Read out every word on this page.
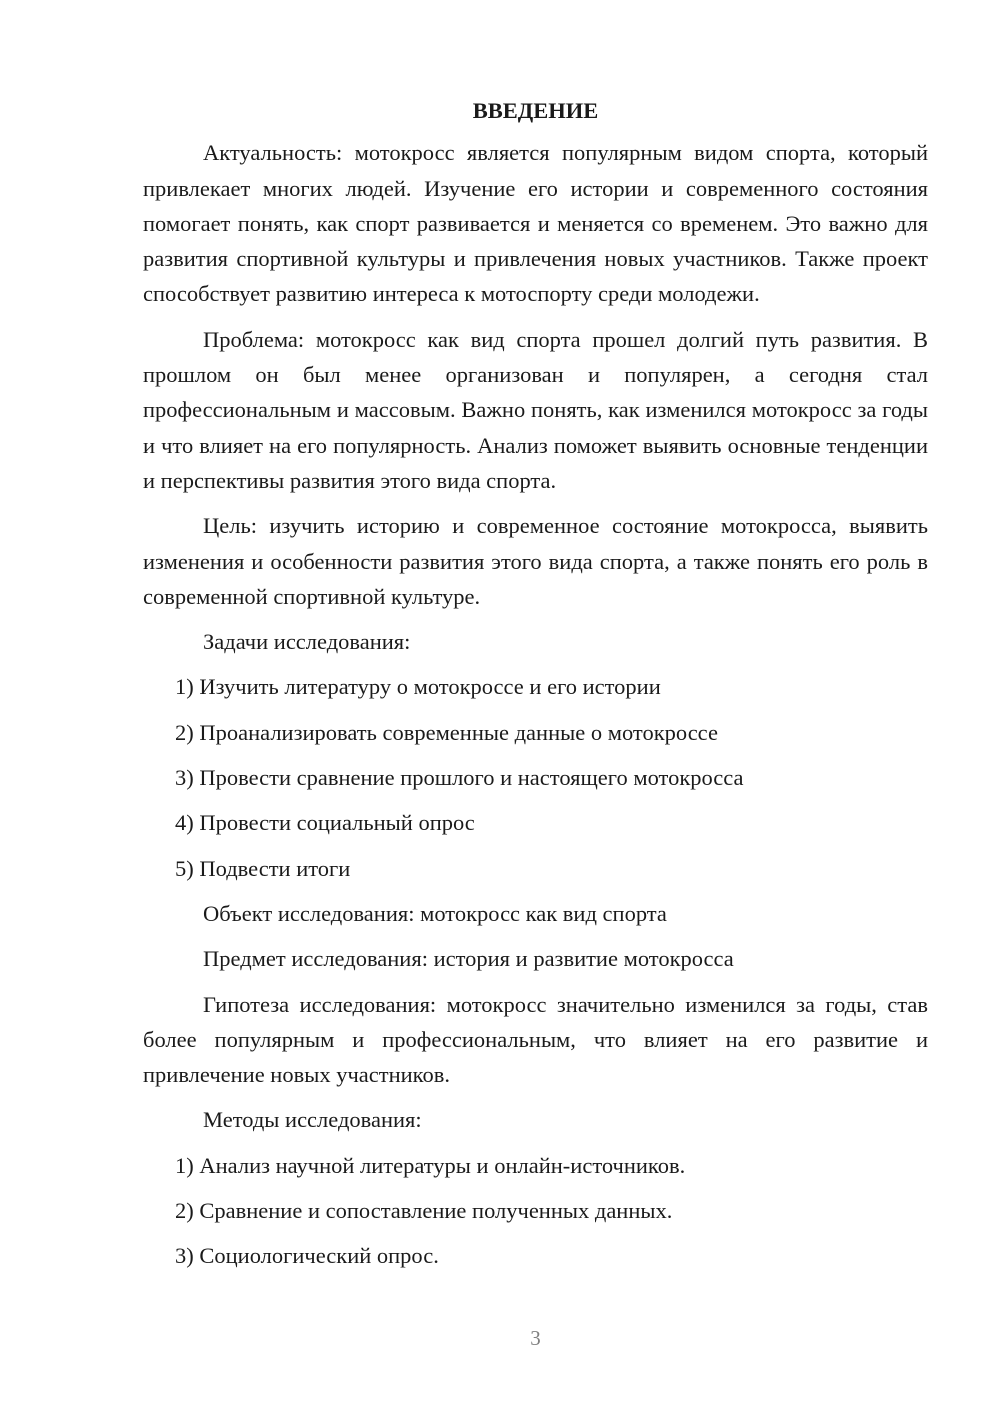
ВВЕДЕНИЕ

Актуальность: мотокросс является популярным видом спорта, который привлекает многих людей. Изучение его истории и современного состояния помогает понять, как спорт развивается и меняется со временем. Это важно для развития спортивной культуры и привлечения новых участников. Также проект способствует развитию интереса к мотоспорту среди молодежи.

Проблема: мотокросс как вид спорта прошел долгий путь развития. В прошлом он был менее организован и популярен, а сегодня стал профессиональным и массовым. Важно понять, как изменился мотокросс за годы и что влияет на его популярность. Анализ поможет выявить основные тенденции и перспективы развития этого вида спорта.

Цель: изучить историю и современное состояние мотокросса, выявить изменения и особенности развития этого вида спорта, а также понять его роль в современной спортивной культуре.

Задачи исследования:

1) Изучить литературу о мотокроссе и его истории

2) Проанализировать современные данные о мотокроссе

3) Провести сравнение прошлого и настоящего мотокросса

4) Провести социальный опрос

5) Подвести итоги

Объект исследования: мотокросс как вид спорта

Предмет исследования: история и развитие мотокросса

Гипотеза исследования: мотокросс значительно изменился за годы, став более популярным и профессиональным, что влияет на его развитие и привлечение новых участников.

Методы исследования:

1) Анализ научной литературы и онлайн-источников.

2) Сравнение и сопоставление полученных данных.

3) Социологический опрос.

3
